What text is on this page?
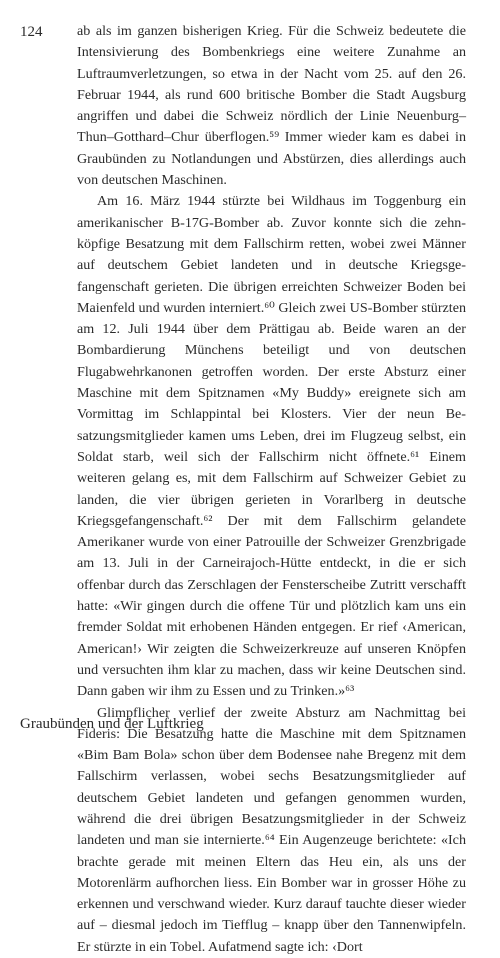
124 ab als im ganzen bisherigen Krieg. Für die Schweiz bedeutete die Intensivierung des Bombenkriegs eine weitere Zunahme an Luftraumverletzungen, so etwa in der Nacht vom 25. auf den 26. Februar 1944, als rund 600 britische Bomber die Stadt Augsburg angriffen und dabei die Schweiz nördlich der Linie Neuenburg–Thun–Gotthard–Chur überflogen.⁵⁹ Immer wieder kam es dabei in Graubünden zu Notlandungen und Abstürzen, dies allerdings auch von deutschen Maschinen.

Am 16. März 1944 stürzte bei Wildhaus im Toggenburg ein amerikanischer B-17G-Bomber ab. Zuvor konnte sich die zehnköpfige Besatzung mit dem Fallschirm retten, wobei zwei Männer auf deutschem Gebiet landeten und in deutsche Kriegsgefangenschaft gerieten. Die übrigen erreichten Schweizer Boden bei Maienfeld und wurden interniert.⁶⁰ Gleich zwei US-Bomber stürzten am 12. Juli 1944 über dem Prättigau ab. Beide waren an der Bombardierung Münchens beteiligt und von deutschen Flugabwehrkanonen getroffen worden. Der erste Absturz einer Maschine mit dem Spitznamen «My Buddy» ereignete sich am Vormittag im Schlappintal bei Klosters. Vier der neun Besatzungsmitglieder kamen ums Leben, drei im Flugzeug selbst, ein Soldat starb, weil sich der Fallschirm nicht öffnete.⁶¹ Einem weiteren gelang es, mit dem Fallschirm auf Schweizer Gebiet zu landen, die vier übrigen gerieten in Vorarlberg in deutsche Kriegsgefangenschaft.⁶² Der mit dem Fallschirm gelandete Amerikaner wurde von einer Patrouille der Schweizer Grenzbrigade am 13. Juli in der Carneirajoch-Hütte entdeckt, in die er sich offenbar durch das Zerschlagen der Fensterscheibe Zutritt verschafft hatte: «Wir gingen durch die offene Tür und plötzlich kam uns ein fremder Soldat mit erhobenen Händen entgegen. Er rief ‹American, American!› Wir zeigten die Schweizerkreuze auf unseren Knöpfen und versuchten ihm klar zu machen, dass wir keine Deutschen sind. Dann gaben wir ihm zu Essen und zu Trinken.»⁶³

Glimpflicher verlief der zweite Absturz am Nachmittag bei Fideris: Die Besatzung hatte die Maschine mit dem Spitznamen «Bim Bam Bola» schon über dem Bodensee nahe Bregenz mit dem Fallschirm verlassen, wobei sechs Besatzungsmitglieder auf deutschem Gebiet landeten und gefangen genommen wurden, während die drei übrigen Besatzungsmitglieder in der Schweiz landeten und man sie internierte.⁶⁴ Ein Augenzeuge berichtete: «Ich brachte gerade mit meinen Eltern das Heu ein, als uns der Motorenlärm aufhorchen liess. Ein Bomber war in grosser Höhe zu erkennen und verschwand wieder. Kurz darauf tauchte dieser wieder auf – diesmal jedoch im Tiefflug – knapp über den Tannenwipfeln. Er stürzte in ein Tobel. Aufatmend sagte ich: ‹Dort

Graubünden und der Luftkrieg
